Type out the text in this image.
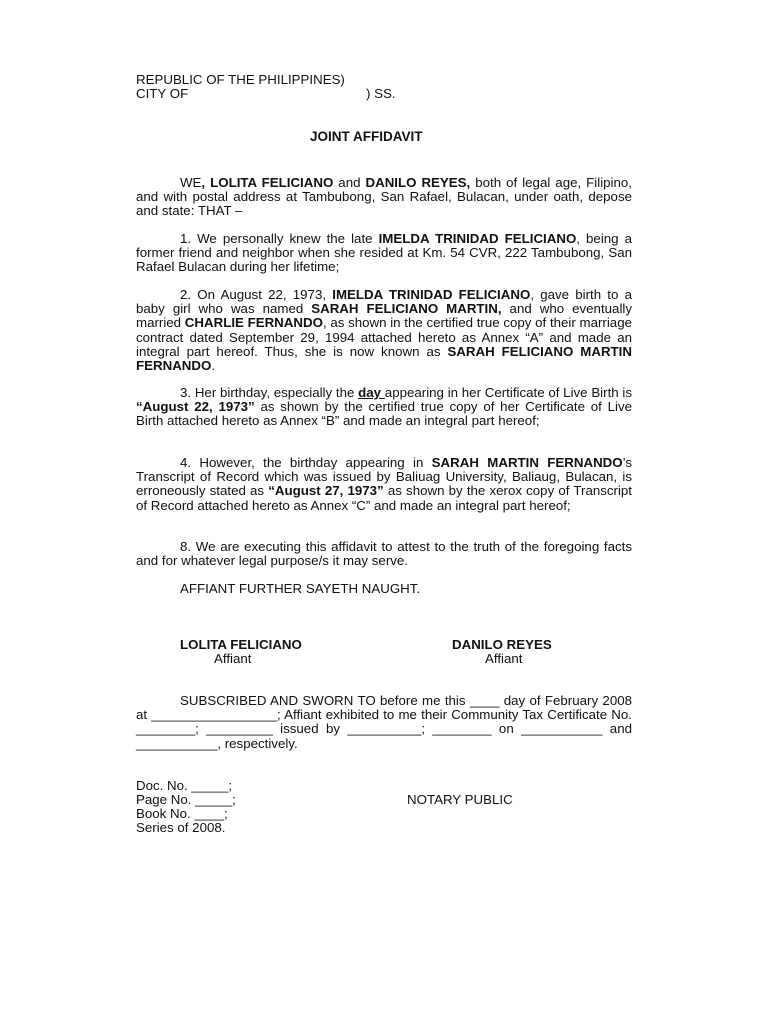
REPUBLIC OF THE PHILIPPINES)
CITY OF	) SS.
JOINT AFFIDAVIT

WE, LOLITA FELICIANO and DANILO REYES, both of legal age, Filipino, and with postal address at Tambubong, San Rafael, Bulacan, under oath, depose and state: THAT –

1. We personally knew the late IMELDA TRINIDAD FELICIANO, being a former friend and neighbor when she resided at Km. 54 CVR, 222 Tambubong, San Rafael Bulacan during her lifetime;

2. On August 22, 1973, IMELDA TRINIDAD FELICIANO, gave birth to a baby girl who was named SARAH FELICIANO MARTIN, and who eventually married CHARLIE FERNANDO, as shown in the certified true copy of their marriage contract dated September 29, 1994 attached hereto as Annex “A” and made an integral part hereof. Thus, she is now known as SARAH FELICIANO MARTIN FERNANDO.

3. Her birthday, especially the day appearing in her Certificate of Live Birth is “August 22, 1973” as shown by the certified true copy of her Certificate of Live Birth attached hereto as Annex “B” and made an integral part hereof;

4. However, the birthday appearing in SARAH MARTIN FERNANDO’s Transcript of Record which was issued by Baliuag University, Baliaug, Bulacan, is erroneously stated as “August 27, 1973” as shown by the xerox copy of Transcript of Record attached hereto as Annex “C” and made an integral part hereof;

8. We are executing this affidavit to attest to the truth of the foregoing facts and for whatever legal purpose/s it may serve.

AFFIANT FURTHER SAYETH NAUGHT.
LOLITA FELICIANO
Affiant
DANILO REYES
Affiant

SUBSCRIBED AND SWORN TO before me this ____ day of February 2008 at _________________; Affiant exhibited to me their Community Tax Certificate No. ________; _________ issued by __________; ________ on ___________ and ___________, respectively.

Doc. No. _____;
Page No. _____;
Book No. ____;
Series of 2008.
NOTARY PUBLIC
